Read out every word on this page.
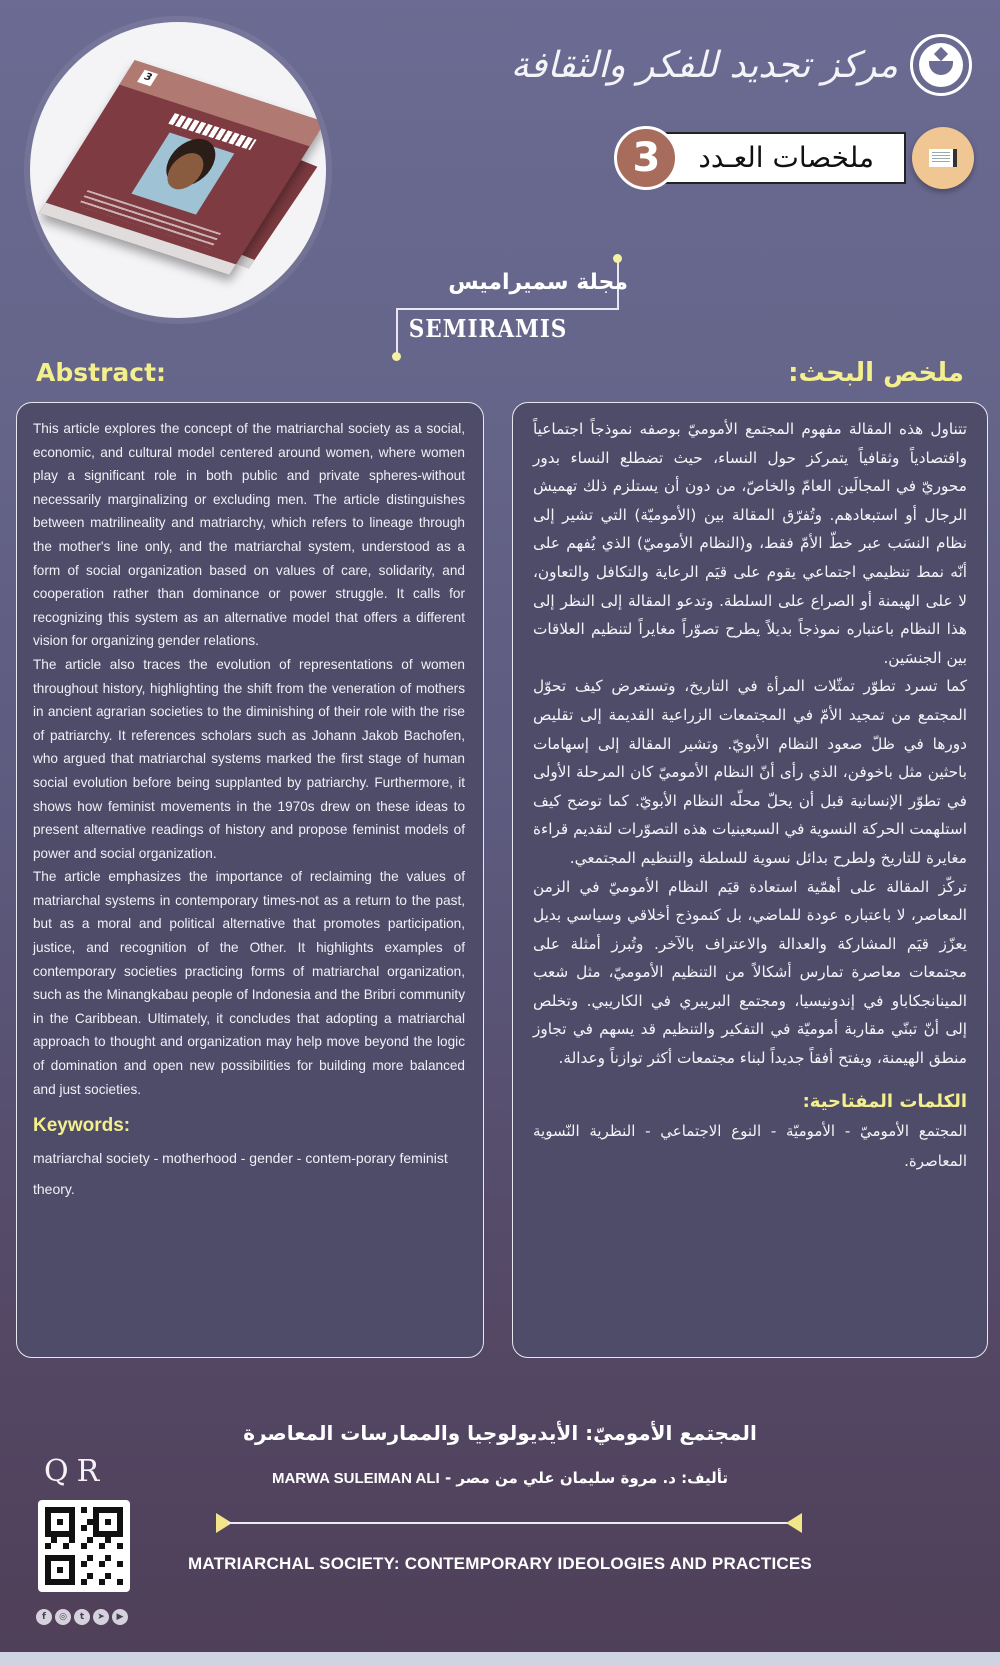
3	مركز تجديد للفكر والثقافة
ملخصات العـدد
3
مجلة سميراميس
SEMIRAMIS
Abstract:	ملخص البحث:

This article explores the concept of the matriarchal society as a social, economic, and cultural model centered around women, where women play a significant role in both public and private spheres-without necessarily marginalizing or excluding men. The article distinguishes between matrilineality and matriarchy, which refers to lineage through the mother's line only, and the matriarchal system, understood as a form of social organization based on values of care, solidarity, and cooperation rather than dominance or power struggle. It calls for recognizing this system as an alternative model that offers a different vision for organizing gender relations.

The article also traces the evolution of representations of women throughout history, highlighting the shift from the veneration of mothers in ancient agrarian societies to the diminishing of their role with the rise of patriarchy. It references scholars such as Johann Jakob Bachofen, who argued that matriarchal systems marked the first stage of human social evolution before being supplanted by patriarchy. Furthermore, it shows how feminist movements in the 1970s drew on these ideas to present alternative readings of history and propose feminist models of power and social organization.

The article emphasizes the importance of reclaiming the values of matriarchal systems in contemporary times-not as a return to the past, but as a moral and political alternative that promotes participation, justice, and recognition of the Other. It highlights examples of contemporary societies practicing forms of matriarchal organization, such as the Minangkabau people of Indonesia and the Bribri community in the Caribbean. Ultimately, it concludes that adopting a matriarchal approach to thought and organization may help move beyond the logic of domination and open new possibilities for building more balanced and just societies.

Keywords:
matriarchal society - motherhood - gender - contem-porary feminist theory.

تتناول هذه المقالة مفهوم المجتمع الأموميّ بوصفه نموذجاً اجتماعياً واقتصادياً وثقافياً يتمركز حول النساء، حيث تضطلع النساء بدور محوريّ في المجالَين العامّ والخاصّ، من دون أن يستلزم ذلك تهميش الرجال أو استبعادهم. وتُفرّق المقالة بين (الأموميّة) التي تشير إلى نظام النسَب عبر خطّ الأمّ فقط، و(النظام الأموميّ) الذي يُفهم على أنّه نمط تنظيمي اجتماعي يقوم على قيَم الرعاية والتكافل والتعاون، لا على الهيمنة أو الصراع على السلطة. وتدعو المقالة إلى النظر إلى هذا النظام باعتباره نموذجاً بديلاً يطرح تصوّراً مغايراً لتنظيم العلاقات بين الجنسَين.

كما تسرد تطوّر تمثّلات المرأة في التاريخ، وتستعرض كيف تحوّل المجتمع من تمجيد الأمّ في المجتمعات الزراعية القديمة إلى تقليص دورها في ظلّ صعود النظام الأبويّ. وتشير المقالة إلى إسهامات باحثين مثل باخوفن، الذي رأى أنّ النظام الأموميّ كان المرحلة الأولى في تطوّر الإنسانية قبل أن يحلّ محلّه النظام الأبويّ. كما توضح كيف استلهمت الحركة النسوية في السبعينيات هذه التصوّرات لتقديم قراءة مغايرة للتاريخ ولطرح بدائل نسوية للسلطة والتنظيم المجتمعي.

تركّز المقالة على أهمّية استعادة قيَم النظام الأموميّ في الزمن المعاصر، لا باعتباره عودة للماضي، بل كنموذج أخلاقي وسياسي بديل يعزّز قيَم المشاركة والعدالة والاعتراف بالآخر. وتُبرز أمثلة على مجتمعات معاصرة تمارس أشكالاً من التنظيم الأموميّ، مثل شعب المينانجكاباو في إندونيسيا، ومجتمع البريبري في الكاريبي. وتخلص إلى أنّ تبنّي مقاربة أموميّة في التفكير والتنظيم قد يسهم في تجاوز منطق الهيمنة، ويفتح أفقاً جديداً لبناء مجتمعات أكثر توازناً وعدالة.

الكلمات المفتاحية:
المجتمع الأموميّ - الأموميّة - النوع الاجتماعي - النظرية النّسوية المعاصرة.
QR
f	◎	t	➤	▶
المجتمع الأموميّ: الأيديولوجيا والممارسات المعاصرة
تأليف: د. مروة سليمان علي من مصر - MARWA SULEIMAN ALI
MATRIARCHAL SOCIETY: CONTEMPORARY IDEOLOGIES AND PRACTICES
